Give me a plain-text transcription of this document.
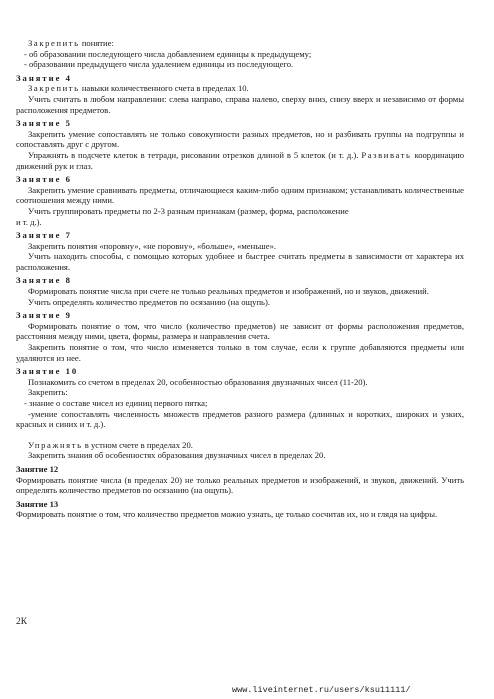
Закрепить понятие:

- об образовании последующего числа добавлением единицы к предыдущему;

- образовании предыдущего числа удалением единицы из последующего.

Занятие 4

Закрепить навыки количественного счета в пределах 10.

Учить считать в любом направлении: слева направо, справа налево, сверху вниз, снизу вверх и независимо от формы расположения предметов.

Занятие 5

Закрепить умение сопоставлять не только совокупности разных предметов, но и разбивать группы на подгруппы и сопоставлять друг с другом.

Упражнять в подсчете клеток в тетради, рисовании отрезков длиной в 5 клеток (и т. д.). Развивать координацию движений рук и глаз.

Занятие 6

Закрепить умение сравнивать предметы, отличающиеся каким-либо одним признаком; устанавливать количественные соотношения между ними.

Учить группировать предметы по 2-3 разным признакам (размер, форма, расположение

и т. д.).

Занятие 7

Закрепить понятия «поровну», «не поровну», «больше», «меньше».

Учить находить способы, с помощью которых удобнее и быстрее считать предметы в зависимости от характера их расположения.

Занятие 8

Формировать понятие числа при счете не только реальных предметов и изображений, но и звуков, движений.

Учить определять количество предметов по осязанию (на ощупь).

Занятие 9

Формировать понятие о том, что число (количество предметов) не зависит от формы расположения предметов, расстояния между ними, цвета, формы, размера и направления счета.

Закрепить понятие о том, что число изменяется только в том случае, если к группе добавляются предметы или удаляются из нее.

Занятие 10

Познакомить со счетом в пределах 20, особенностью образования двузначных чисел (11-20).

Закрепить:

- знание о составе чисел из единиц первого пятка;

-умение сопоставлять численность множеств предметов разного размера (длинных и коротких, широких и узких, красных и синих и т. д.).

Упражнять в устном счете в пределах 20.

Закрепить знания об особенностях образования двузначных чисел в пределах 20.

Занятие 12

Формировать понятие числа (в пределах 20) не только реальных предметов и изображений, и звуков, движений. Учить определять количество предметов по осязанию (на ощупь).

Занятие 13

Формировать понятие о том, что количество предметов можно узнать, це только сосчитав их, но и глядя на цифры.

2К
www.liveinternet.ru/users/ksu11111/
